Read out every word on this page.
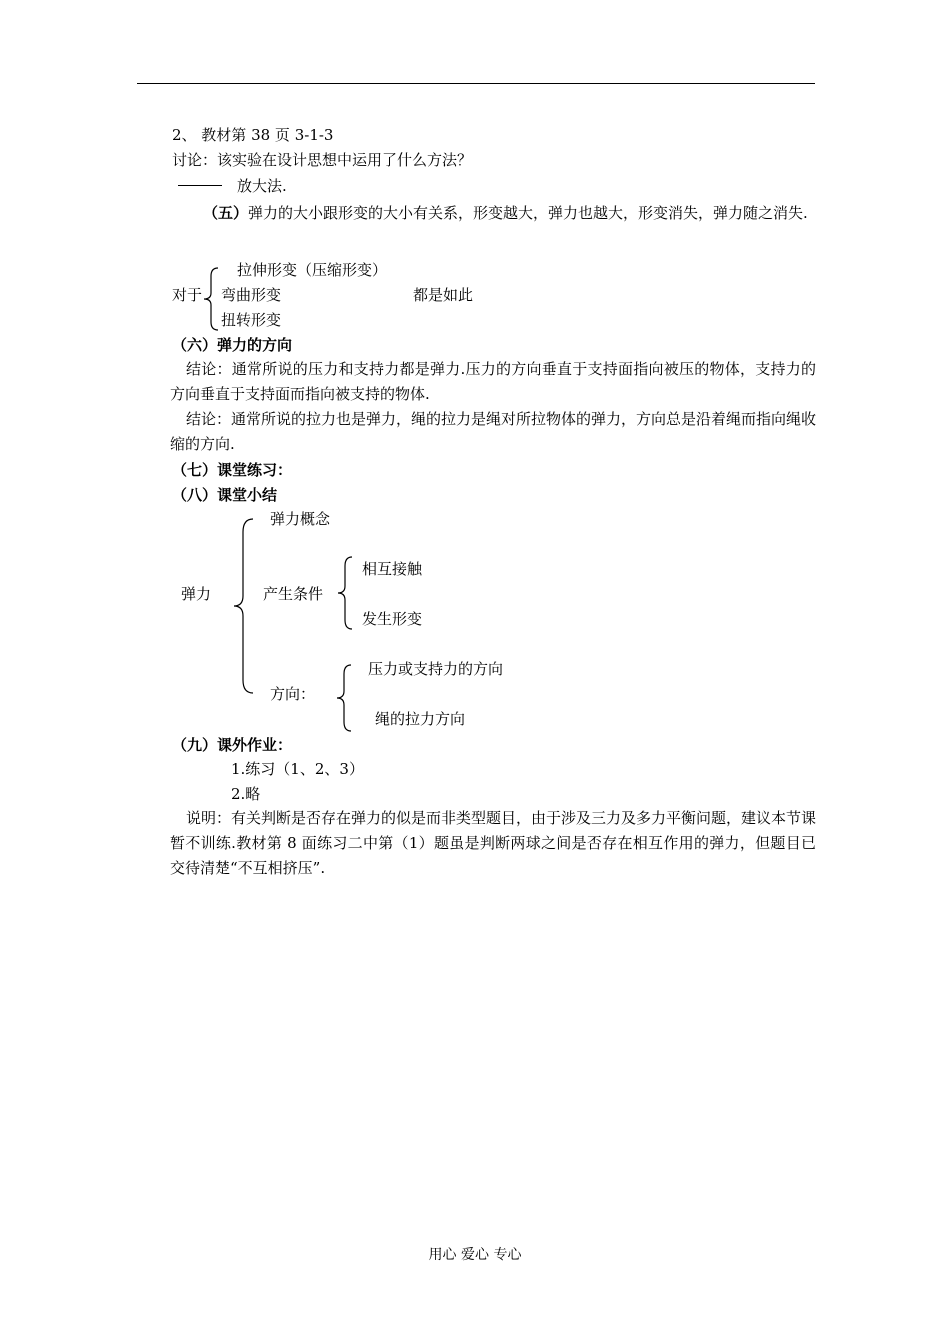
2、 教材第 38 页 3-1-3
讨论：该实验在设计思想中运用了什么方法？
放大法.
（五）弹力的大小跟形变的大小有关系，形变越大，弹力也越大，形变消失，弹力随之消失.
对于
拉伸形变（压缩形变）
弯曲形变
扭转形变
都是如此
（六）弹力的方向
结论：通常所说的压力和支持力都是弹力.压力的方向垂直于支持面指向被压的物体，支持力的方向垂直于支持面而指向被支持的物体.
结论：通常所说的拉力也是弹力，绳的拉力是绳对所拉物体的弹力，方向总是沿着绳而指向绳收缩的方向.
（七）课堂练习：
（八）课堂小结
弹力
弹力概念
产生条件
相互接触
发生形变
方向：
压力或支持力的方向
绳的拉力方向
（九）课外作业：
1.练习（1、2、3）
2.略
说明：有关判断是否存在弹力的似是而非类型题目，由于涉及三力及多力平衡问题，建议本节课暂不训练.教材第 8 面练习二中第（1）题虽是判断两球之间是否存在相互作用的弹力，但题目已交待清楚“不互相挤压”.
用心 爱心 专心
